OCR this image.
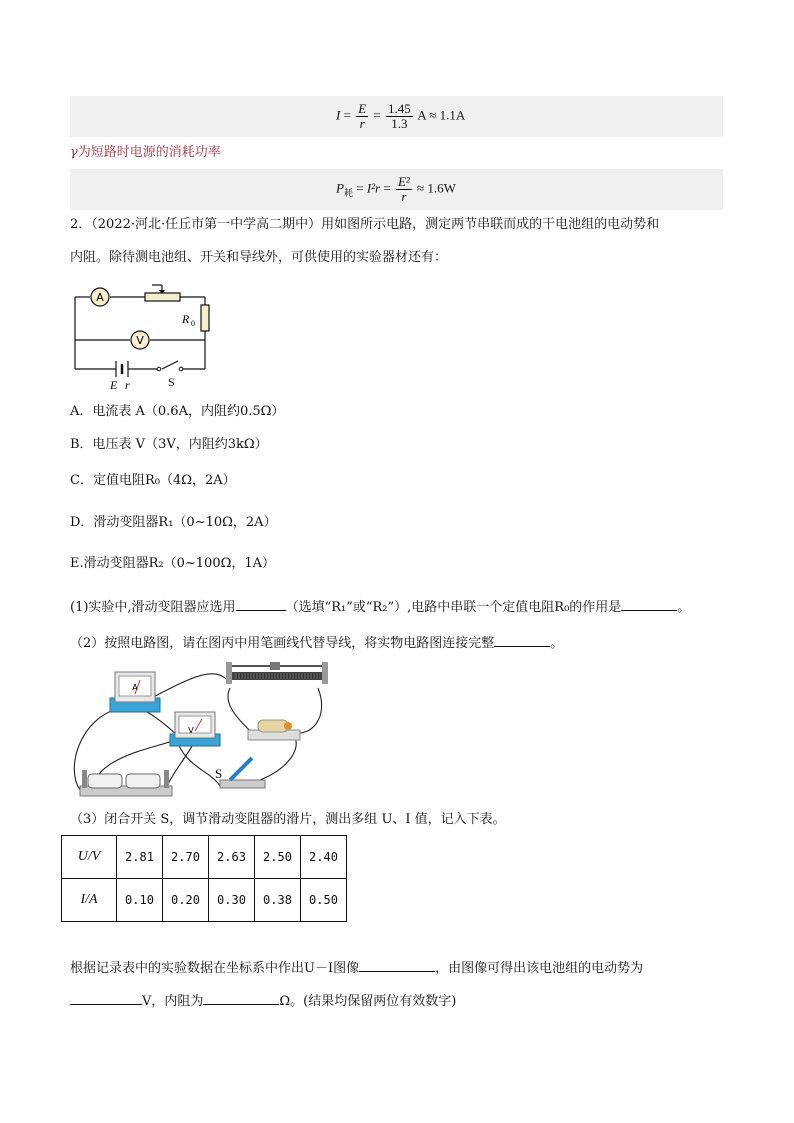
$I = \frac{E}{r} = \frac{1.45}{1.3}$ A ≈ 1.1A
γ为短路时电源的消耗功率
$P_耗 = I^2r = \frac{\text{E²}}{r} \approx 1.6W$
2．（2022·河北·任丘市第一中学高二期中）用如图所示电路，测定两节串联而成的干电池组的电动势和
内阻。除待测电池组、开关和导线外，可供使用的实验器材还有：
A
R 0
V
E r	S
A．电流表 A（0.6A，内阻约0.5Ω）
B．电压表 V（3V，内阻约3kΩ）
C．定值电阻R₀（4Ω，2A）
D．滑动变阻器R₁（0~10Ω，2A）
E.滑动变阻器R₂（0~100Ω，1A）
(1)实验中,滑动变阻器应选用	（选填“R₁”或“R₂”）,电路中串联一个定值电阻R₀的作用是	。
（2）按照电路图，请在图丙中用笔画线代替导线，将实物电路图连接完整	。
A
V
S
（3）闭合开关 S，调节滑动变阻器的滑片，测出多组 U、I 值，记入下表。
U/V	2.81	2.70	2.63	2.50	2.40
I/A	0.10	0.20	0.30	0.38	0.50
根据记录表中的实验数据在坐标系中作出U－I图像	，由图像可得出该电池组的电动势为
V，内阻为	Ω。(结果均保留两位有效数字)
